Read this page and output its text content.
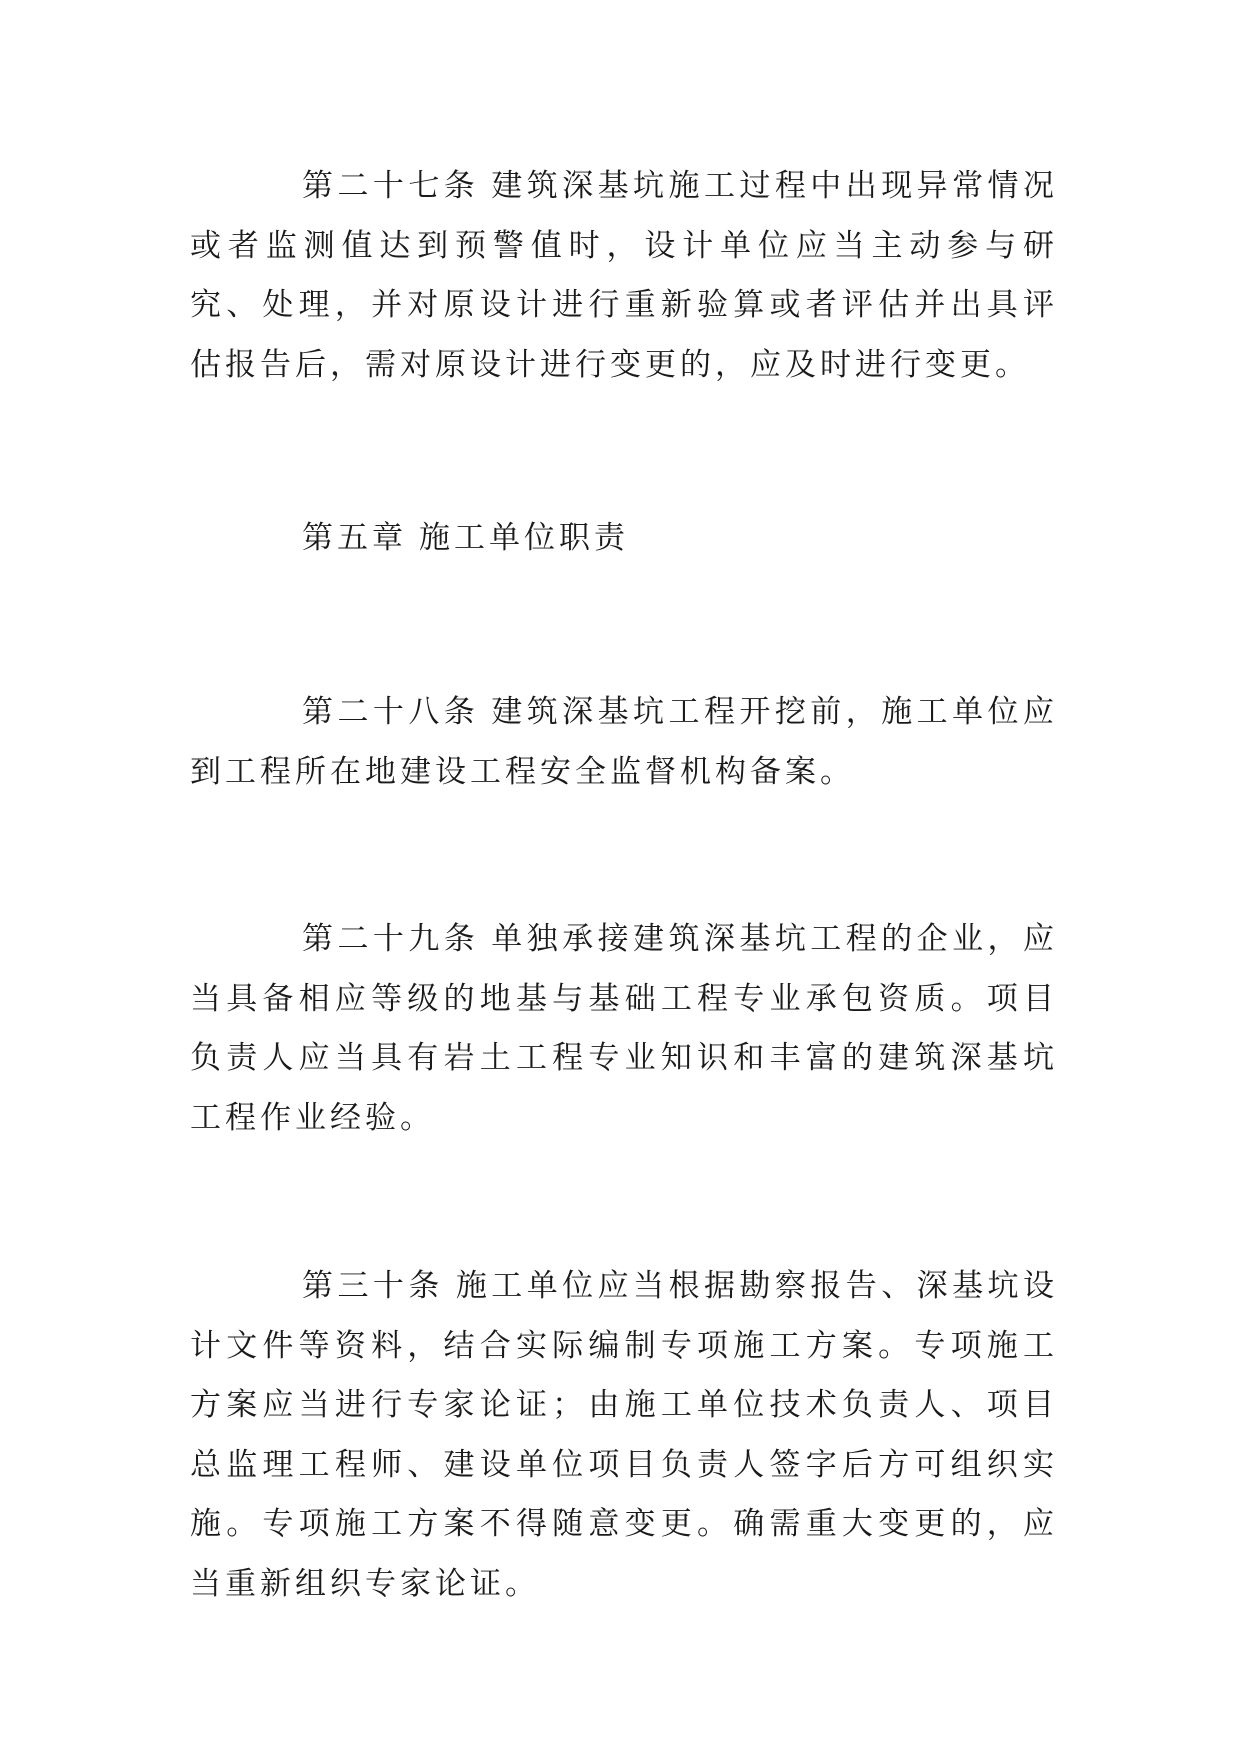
第二十七条 建筑深基坑施工过程中出现异常情况或者监测值达到预警值时，设计单位应当主动参与研究、处理，并对原设计进行重新验算或者评估并出具评估报告后，需对原设计进行变更的，应及时进行变更。

第五章 施工单位职责

第二十八条 建筑深基坑工程开挖前，施工单位应到工程所在地建设工程安全监督机构备案。

第二十九条 单独承接建筑深基坑工程的企业，应当具备相应等级的地基与基础工程专业承包资质。项目负责人应当具有岩土工程专业知识和丰富的建筑深基坑工程作业经验。

第三十条 施工单位应当根据勘察报告、深基坑设计文件等资料，结合实际编制专项施工方案。专项施工方案应当进行专家论证；由施工单位技术负责人、项目总监理工程师、建设单位项目负责人签字后方可组织实施。专项施工方案不得随意变更。确需重大变更的，应当重新组织专家论证。
